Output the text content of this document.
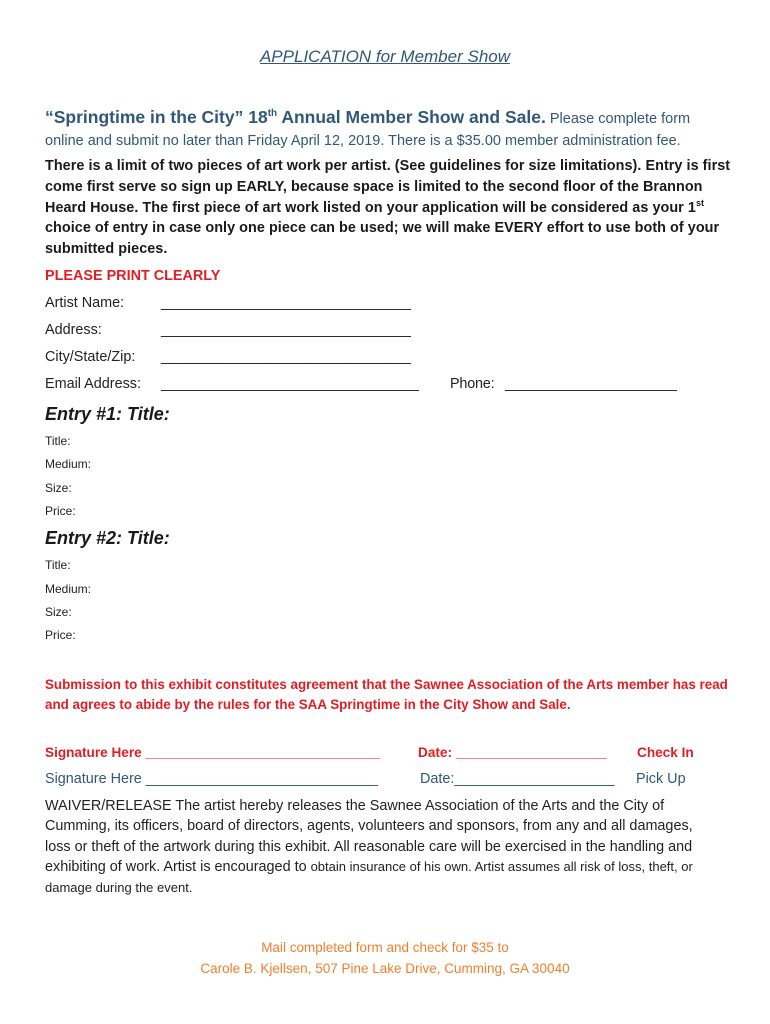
APPLICATION for Member Show
“Springtime in the City” 18th Annual Member Show and Sale. Please complete form
online and submit no later than Friday April 12, 2019. There is a $35.00 member administration fee.
There is a limit of two pieces of art work per artist. (See guidelines for size limitations). Entry is first come first serve so sign up EARLY, because space is limited to the second floor of the Brannon Heard House. The first piece of art work listed on your application will be considered as your 1st choice of entry in case only one piece can be used; we will make EVERY effort to use both of your submitted pieces.
PLEASE PRINT CLEARLY
Artist Name:	________________________________
Address:	________________________________
City/State/Zip: ________________________________
Email Address: _________________________________ Phone: ______________________
Entry #1: Title:
Title:
Medium:
Size:
Price:
Entry #2: Title:
Title:
Medium:
Size:
Price:
Submission to this exhibit constitutes agreement that the Sawnee Association of the Arts member has read and agrees to abide by the rules for the SAA Springtime in the City Show and Sale.
Signature Here _______________________________	Date: ____________________ Check In
Signature Here _____________________________	Date:____________________ Pick Up
WAIVER/RELEASE The artist hereby releases the Sawnee Association of the Arts and the City of Cumming, its officers, board of directors, agents, volunteers and sponsors, from any and all damages, loss or theft of the artwork during this exhibit. All reasonable care will be exercised in the handling and exhibiting of work. Artist is encouraged to obtain insurance of his own. Artist assumes all risk of loss, theft, or damage during the event.
Mail completed form and check for $35 to
Carole B. Kjellsen, 507 Pine Lake Drive, Cumming, GA 30040
